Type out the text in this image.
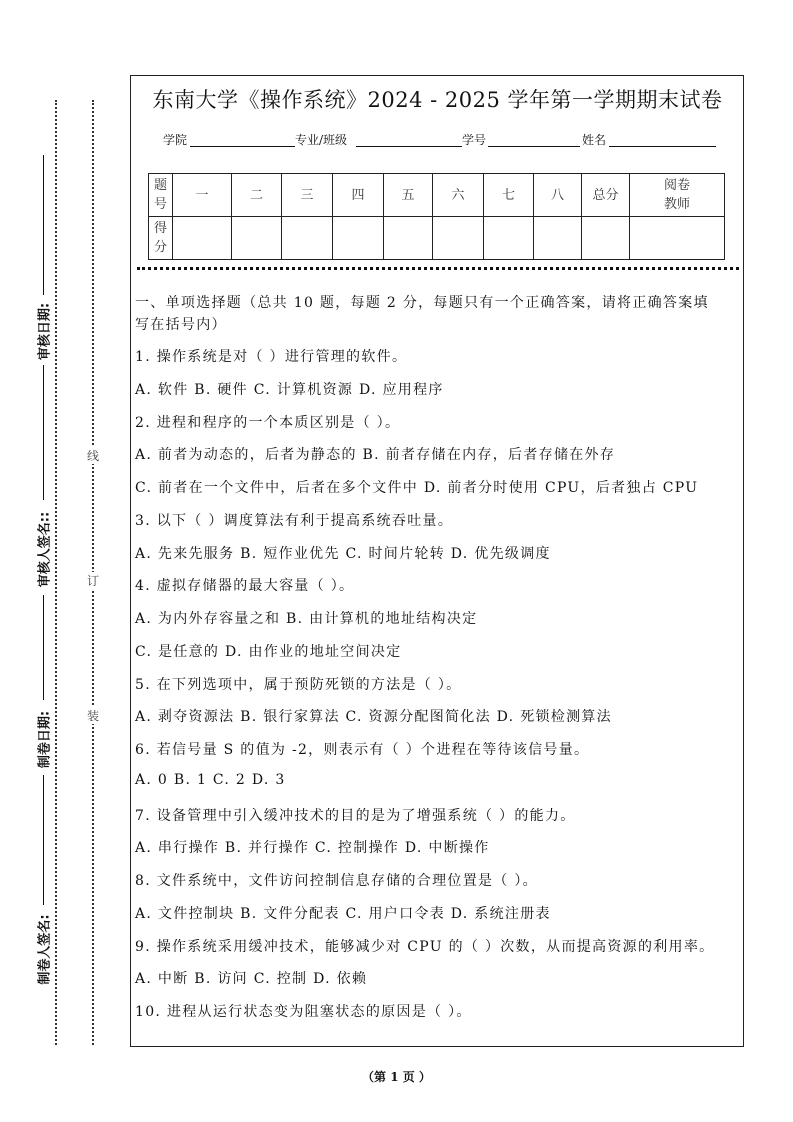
审核日期:
审核人签名::
制卷日期:
制卷人签名:
线
订
装
东南大学《操作系统》2024 - 2025 学年第一学期期末试卷
学院	专业/班级	学号	姓名
题号	一	二	三	四	五	六	七	八	总分	阅卷教师
得分										
一、单项选择题（总共 10 题，每题 2 分，每题只有一个正确答案，请将正确答案填
写在括号内）
1. 操作系统是对（ ）进行管理的软件。
A. 软件 B. 硬件 C. 计算机资源 D. 应用程序
2. 进程和程序的一个本质区别是（ ）。
A. 前者为动态的，后者为静态的 B. 前者存储在内存，后者存储在外存
C. 前者在一个文件中，后者在多个文件中 D. 前者分时使用 CPU，后者独占 CPU
3. 以下（ ）调度算法有利于提高系统吞吐量。
A. 先来先服务 B. 短作业优先 C. 时间片轮转 D. 优先级调度
4. 虚拟存储器的最大容量（ ）。
A. 为内外存容量之和 B. 由计算机的地址结构决定
C. 是任意的 D. 由作业的地址空间决定
5. 在下列选项中，属于预防死锁的方法是（ ）。
A. 剥夺资源法 B. 银行家算法 C. 资源分配图简化法 D. 死锁检测算法
6. 若信号量 S 的值为 -2，则表示有（ ）个进程在等待该信号量。
A. 0 B. 1 C. 2 D. 3
7. 设备管理中引入缓冲技术的目的是为了增强系统（ ）的能力。
A. 串行操作 B. 并行操作 C. 控制操作 D. 中断操作
8. 文件系统中，文件访问控制信息存储的合理位置是（ ）。
A. 文件控制块 B. 文件分配表 C. 用户口令表 D. 系统注册表
9. 操作系统采用缓冲技术，能够减少对 CPU 的（ ）次数，从而提高资源的利用率。
A. 中断 B. 访问 C. 控制 D. 依赖
10. 进程从运行状态变为阻塞状态的原因是（ ）。
（第 1 页 ）
